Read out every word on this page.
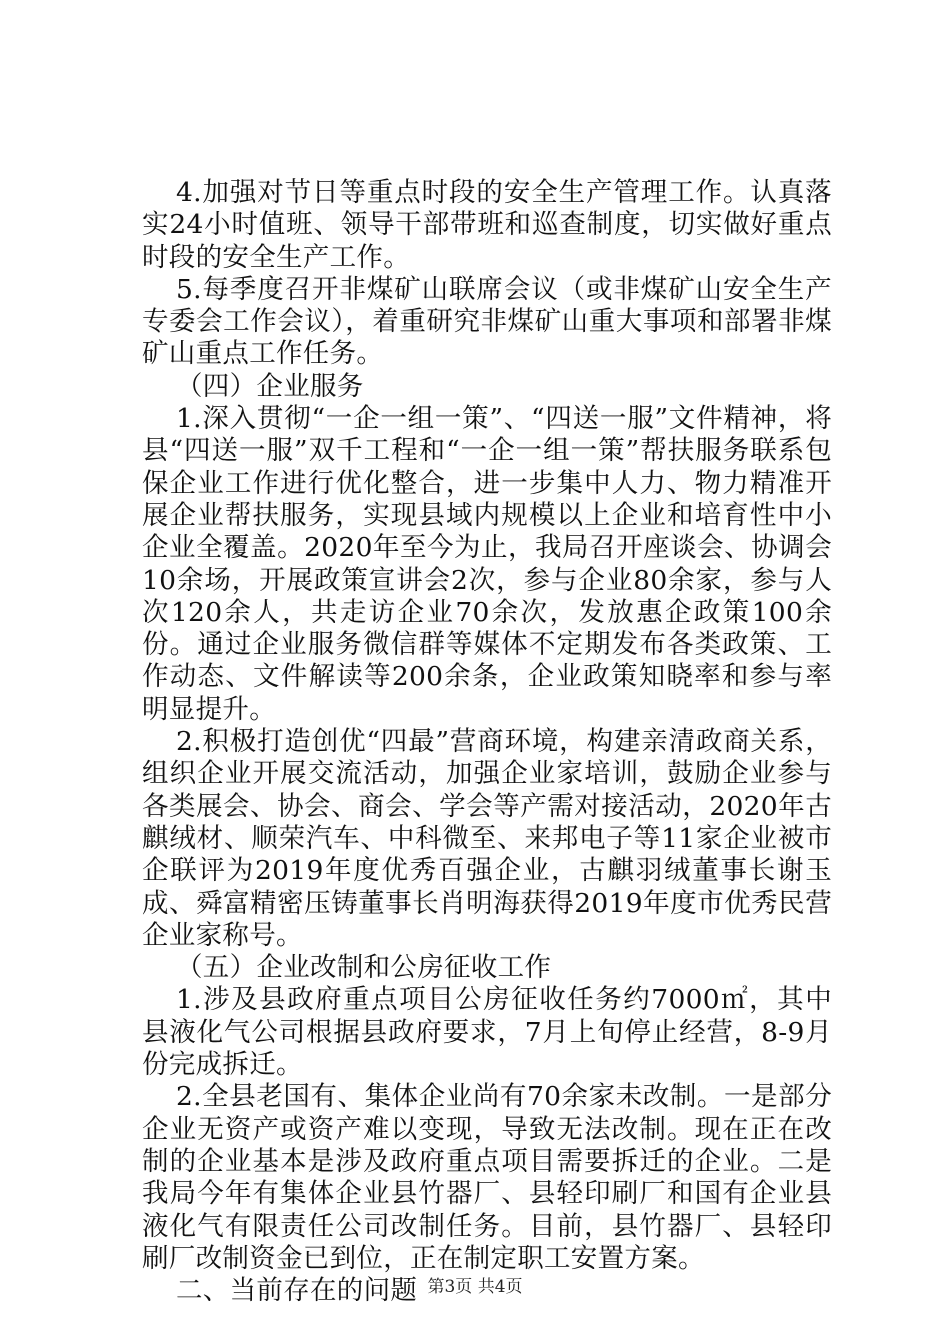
4.加强对节日等重点时段的安全生产管理工作。认真落实24小时值班、领导干部带班和巡查制度，切实做好重点时段的安全生产工作。

5.每季度召开非煤矿山联席会议（或非煤矿山安全生产专委会工作会议），着重研究非煤矿山重大事项和部署非煤矿山重点工作任务。

（四）企业服务

1.深入贯彻“一企一组一策”、“四送一服”文件精神，将县“四送一服”双千工程和“一企一组一策”帮扶服务联系包保企业工作进行优化整合，进一步集中人力、物力精准开展企业帮扶服务，实现县域内规模以上企业和培育性中小企业全覆盖。2020年至今为止，我局召开座谈会、协调会10余场，开展政策宣讲会2次，参与企业80余家，参与人次120余人，共走访企业70余次，发放惠企政策100余份。通过企业服务微信群等媒体不定期发布各类政策、工作动态、文件解读等200余条，企业政策知晓率和参与率明显提升。

2.积极打造创优“四最”营商环境，构建亲清政商关系，组织企业开展交流活动，加强企业家培训，鼓励企业参与各类展会、协会、商会、学会等产需对接活动，2020年古麒绒材、顺荣汽车、中科微至、来邦电子等11家企业被市企联评为2019年度优秀百强企业，古麒羽绒董事长谢玉成、舜富精密压铸董事长肖明海获得2019年度市优秀民营企业家称号。

（五）企业改制和公房征收工作

1.涉及县政府重点项目公房征收任务约7000㎡，其中县液化气公司根据县政府要求，7月上旬停止经营，8-9月份完成拆迁。

2.全县老国有、集体企业尚有70余家未改制。一是部分企业无资产或资产难以变现，导致无法改制。现在正在改制的企业基本是涉及政府重点项目需要拆迁的企业。二是我局今年有集体企业县竹器厂、县轻印刷厂和国有企业县液化气有限责任公司改制任务。目前，县竹器厂、县轻印刷厂改制资金已到位，正在制定职工安置方案。

二、当前存在的问题 第3页 共4页
